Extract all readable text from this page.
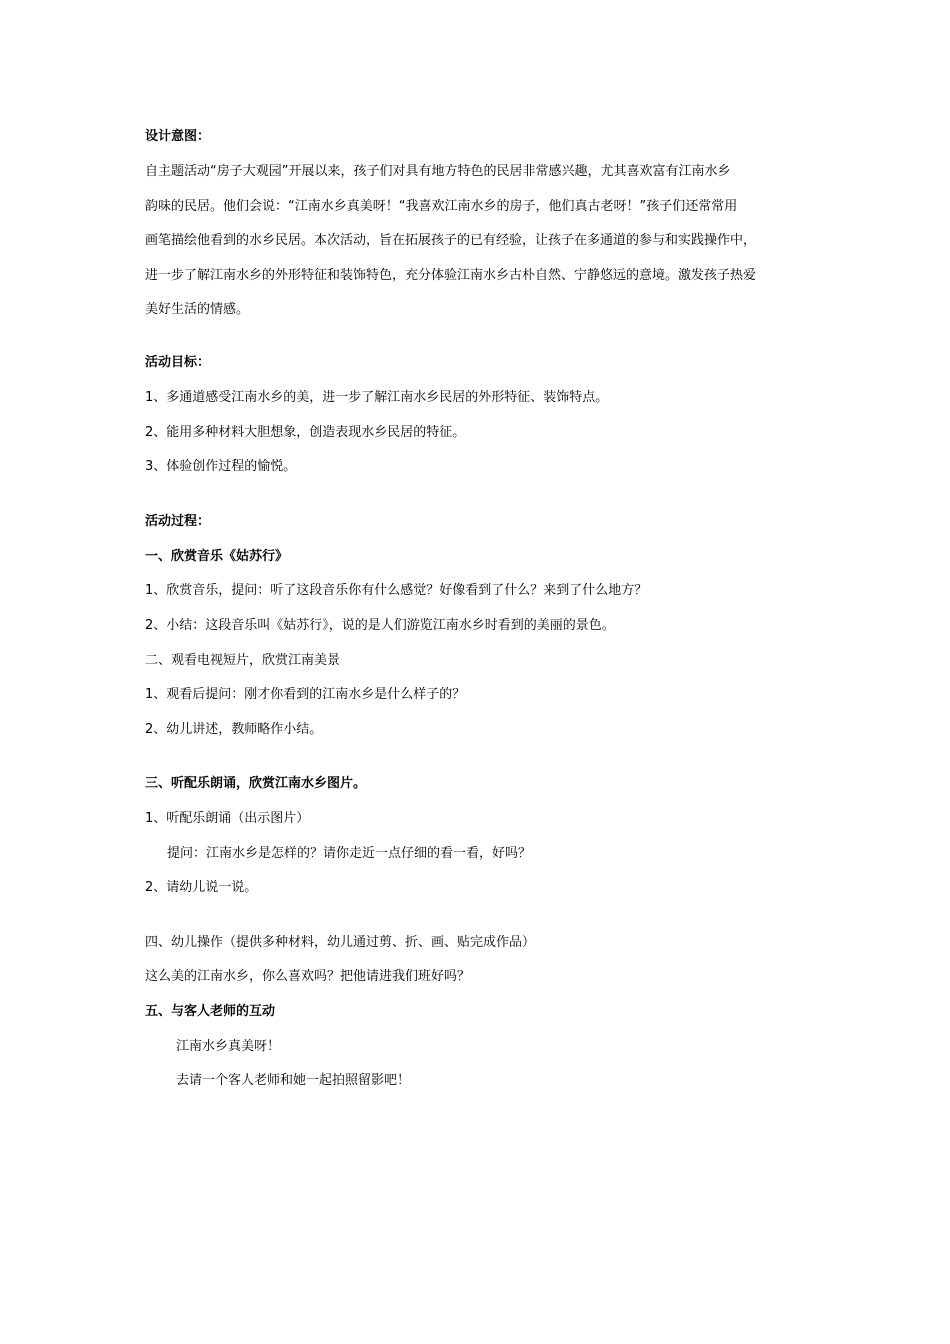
设计意图：
自主题活动“房子大观园”开展以来，孩子们对具有地方特色的民居非常感兴趣，尤其喜欢富有江南水乡
韵味的民居。他们会说：“江南水乡真美呀！“我喜欢江南水乡的房子，他们真古老呀！”孩子们还常常用
画笔描绘他看到的水乡民居。本次活动，旨在拓展孩子的已有经验，让孩子在多通道的参与和实践操作中，
进一步了解江南水乡的外形特征和装饰特色，充分体验江南水乡古朴自然、宁静悠远的意境。激发孩子热爱
美好生活的情感。
活动目标：
1、多通道感受江南水乡的美，进一步了解江南水乡民居的外形特征、装饰特点。
2、能用多种材料大胆想象，创造表现水乡民居的特征。
3、体验创作过程的愉悦。
活动过程：
一、欣赏音乐《姑苏行》
1、欣赏音乐，提问：听了这段音乐你有什么感觉？好像看到了什么？来到了什么地方？
2、小结：这段音乐叫《姑苏行》，说的是人们游览江南水乡时看到的美丽的景色。
二、观看电视短片，欣赏江南美景
1、观看后提问：刚才你看到的江南水乡是什么样子的？
2、幼儿讲述，教师略作小结。
三、听配乐朗诵，欣赏江南水乡图片。
1、听配乐朗诵（出示图片）
提问：江南水乡是怎样的？请你走近一点仔细的看一看，好吗？
2、请幼儿说一说。
四、幼儿操作（提供多种材料，幼儿通过剪、折、画、贴完成作品）
这么美的江南水乡，你么喜欢吗？把他请进我们班好吗？
五、与客人老师的互动
江南水乡真美呀！
去请一个客人老师和她一起拍照留影吧！
